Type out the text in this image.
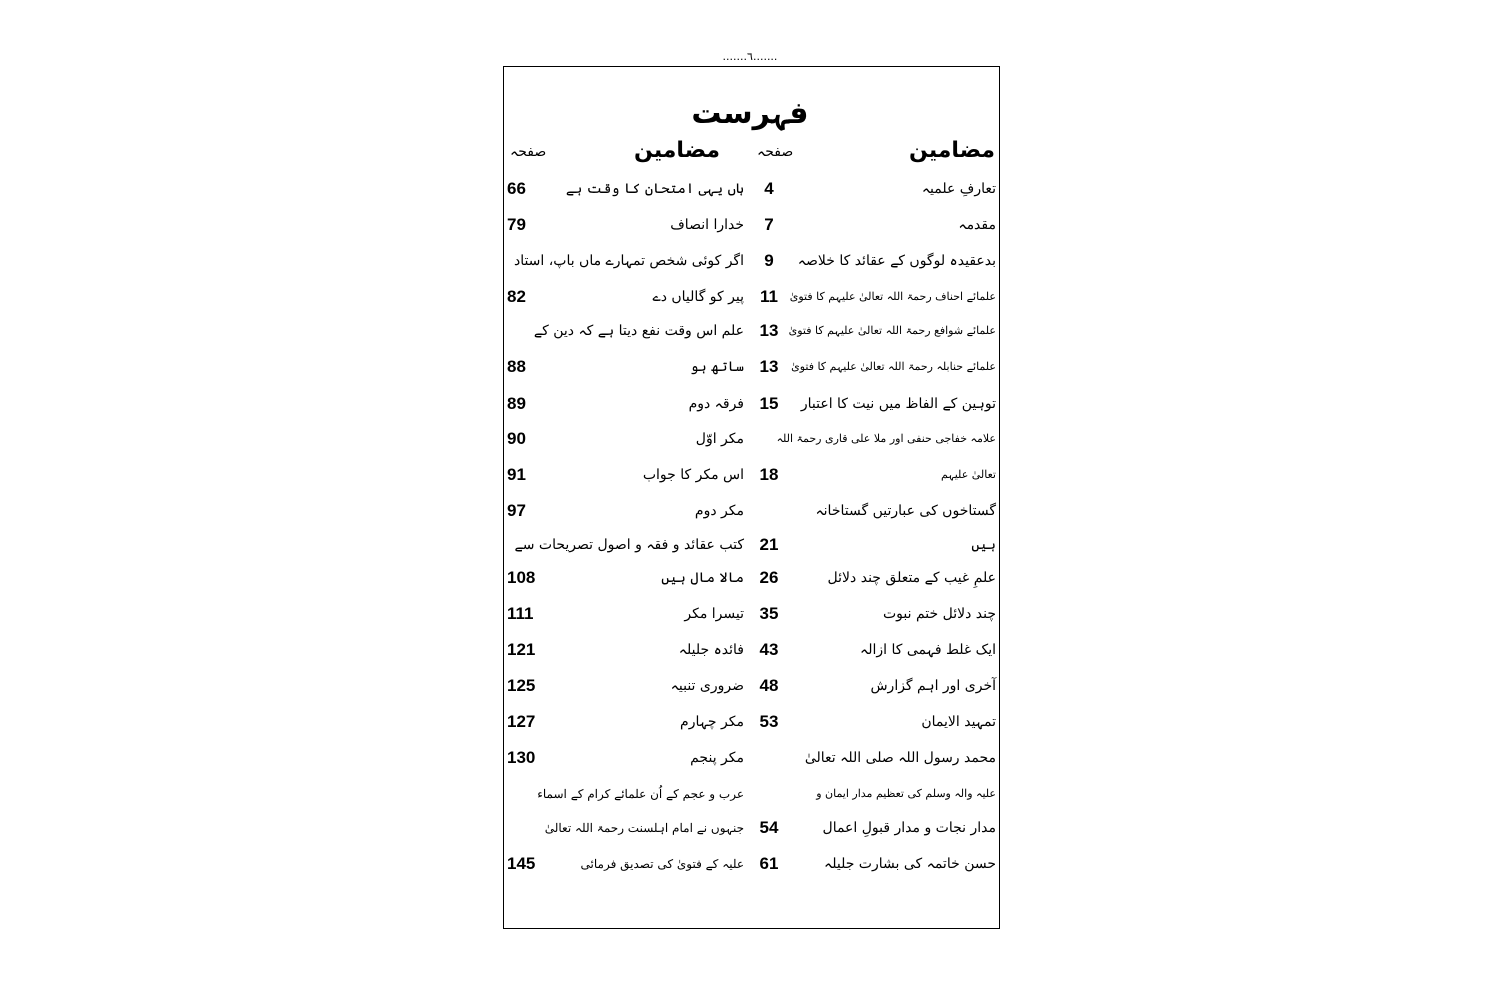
.......٦.......
فہرست
مضامین
صفحہ
مضامین
صفحہ
تعارفِ علمیہ
4
ہاں یہی امتحان کا وقت ہے
66
مقدمہ
7
خدارا انصاف
79
بدعقیدہ لوگوں کے عقائد کا خلاصہ
9
اگر کوئی شخص تمہارے ماں باپ، استاد
علمائے احناف رحمۃ اللہ تعالیٰ علیہم کا فتویٰ
11
پیر کو گالیاں دے
82
علمائے شوافع رحمۃ اللہ تعالیٰ علیہم کا فتویٰ
13
علم اس وقت نفع دیتا ہے کہ دین کے
علمائے حنابلہ رحمۃ اللہ تعالیٰ علیہم کا فتویٰ
13
ساتھ ہو
88
توہین کے الفاظ میں نیت کا اعتبار
15
فرقہ دوم
89
علامہ خفاجی حنفی اور ملا علی قاری رحمۃ اللہ
مکر اوّل
90
تعالیٰ علیہم
18
اس مکر کا جواب
91
گستاخوں کی عبارتیں گستاخانہ
مکر دوم
97
ہیں
21
کتب عقائد و فقہ و اصول تصریحات سے
علمِ غیب کے متعلق چند دلائل
26
مالا مال ہیں
108
چند دلائل ختم نبوت
35
تیسرا مکر
111
ایک غلط فہمی کا ازالہ
43
فائدہ جلیلہ
121
آخری اور اہم گزارش
48
ضروری تنبیہ
125
تمہید الایمان
53
مکر چہارم
127
محمد رسول اللہ صلی اللہ تعالیٰ
مکر پنجم
130
علیہ والہ وسلم کی تعظیم مدار ایمان و
عرب و عجم کے اُن علمائے کرام کے اسماء
مدار نجات و مدار قبولِ اعمال
54
جنہوں نے امام اہلسنت رحمۃ اللہ تعالیٰ
حسن خاتمہ کی بشارت جلیلہ
61
علیہ کے فتویٰ کی تصدیق فرمائی
145
